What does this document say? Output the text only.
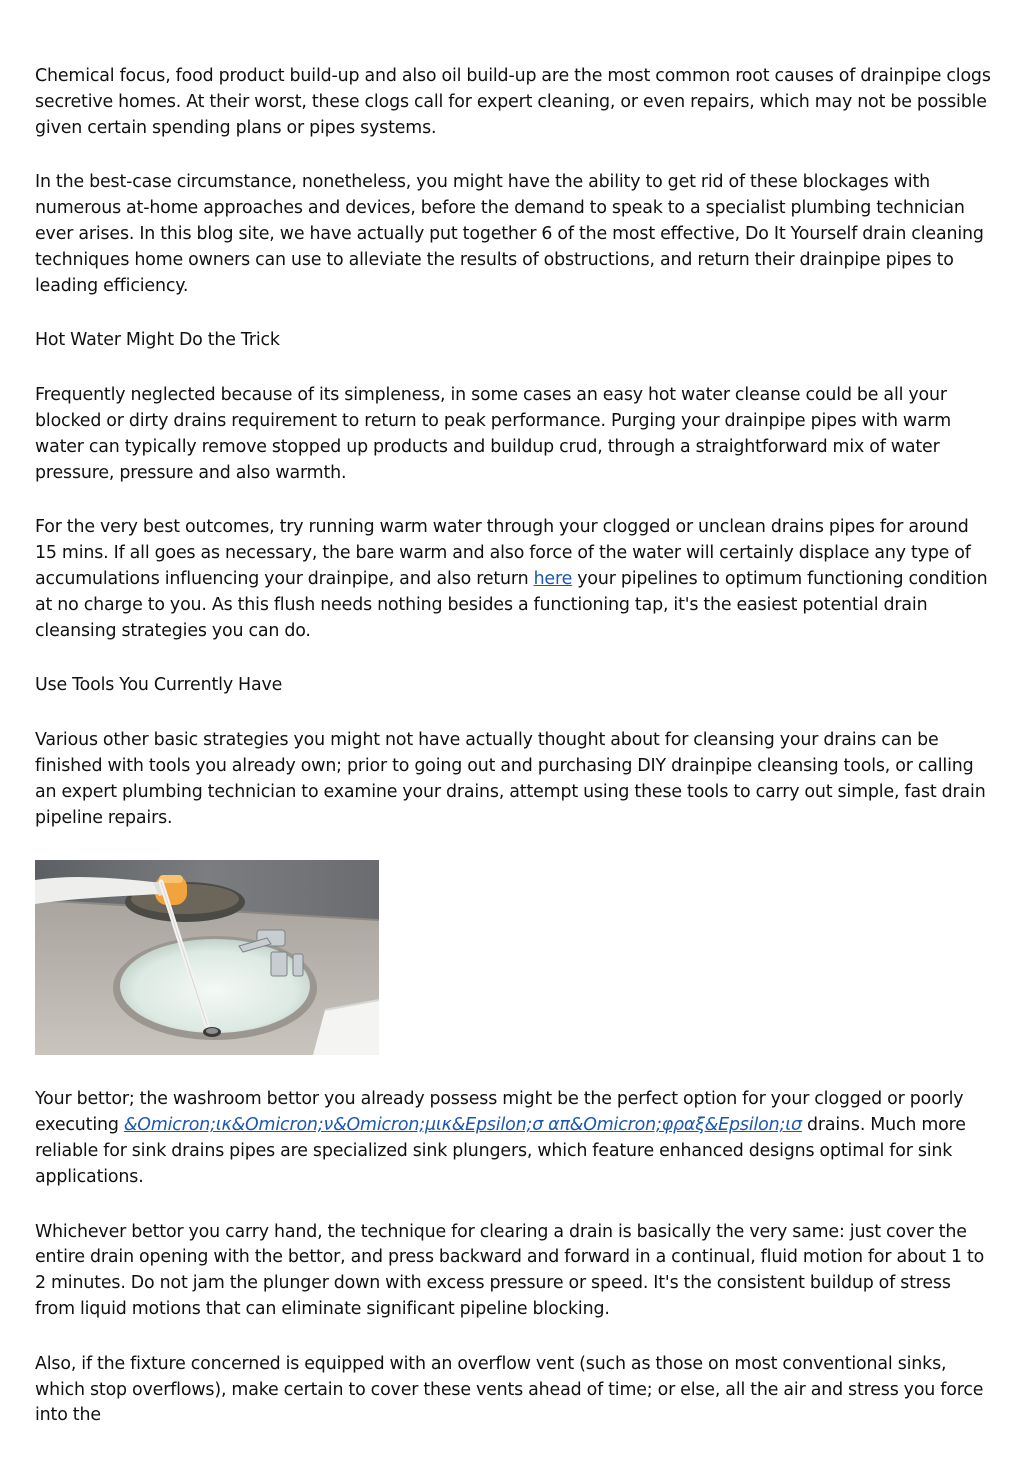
Chemical focus, food product build-up and also oil build-up are the most common root causes of drainpipe clogs secretive homes. At their worst, these clogs call for expert cleaning, or even repairs, which may not be possible given certain spending plans or pipes systems.

In the best-case circumstance, nonetheless, you might have the ability to get rid of these blockages with numerous at-home approaches and devices, before the demand to speak to a specialist plumbing technician ever arises. In this blog site, we have actually put together 6 of the most effective, Do It Yourself drain cleaning techniques home owners can use to alleviate the results of obstructions, and return their drainpipe pipes to leading efficiency.

Hot Water Might Do the Trick

Frequently neglected because of its simpleness, in some cases an easy hot water cleanse could be all your blocked or dirty drains requirement to return to peak performance. Purging your drainpipe pipes with warm water can typically remove stopped up products and buildup crud, through a straightforward mix of water pressure, pressure and also warmth.

For the very best outcomes, try running warm water through your clogged or unclean drains pipes for around 15 mins. If all goes as necessary, the bare warm and also force of the water will certainly displace any type of accumulations influencing your drainpipe, and also return here your pipelines to optimum functioning condition at no charge to you. As this flush needs nothing besides a functioning tap, it's the easiest potential drain cleansing strategies you can do.

Use Tools You Currently Have

Various other basic strategies you might not have actually thought about for cleansing your drains can be finished with tools you already own; prior to going out and purchasing DIY drainpipe cleansing tools, or calling an expert plumbing technician to examine your drains, attempt using these tools to carry out simple, fast drain pipeline repairs.

Your bettor; the washroom bettor you already possess might be the perfect option for your clogged or poorly executing &Omicron;ικ&Omicron;ν&Omicron;μικ&Epsilon;σ απ&Omicron;φραξ&Epsilon;ισ drains. Much more reliable for sink drains pipes are specialized sink plungers, which feature enhanced designs optimal for sink applications.

Whichever bettor you carry hand, the technique for clearing a drain is basically the very same: just cover the entire drain opening with the bettor, and press backward and forward in a continual, fluid motion for about 1 to 2 minutes. Do not jam the plunger down with excess pressure or speed. It's the consistent buildup of stress from liquid motions that can eliminate significant pipeline blocking.

Also, if the fixture concerned is equipped with an overflow vent (such as those on most conventional sinks, which stop overflows), make certain to cover these vents ahead of time; or else, all the air and stress you force into the
